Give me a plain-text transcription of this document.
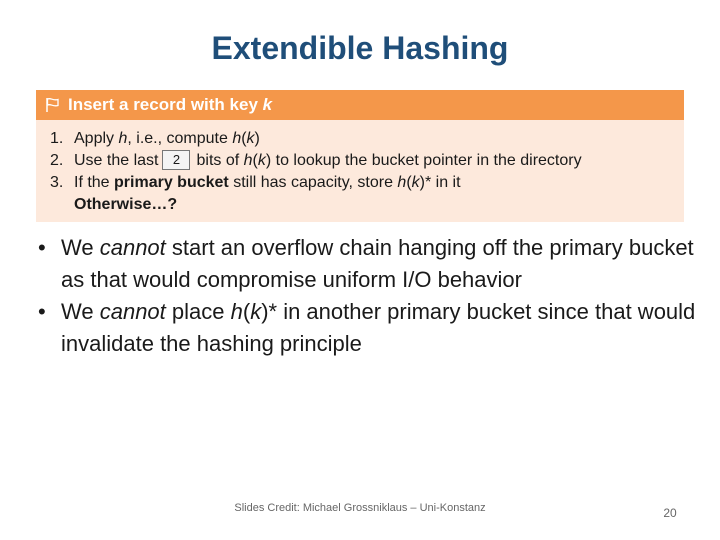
Extendible Hashing
Insert a record with key k
1. Apply h, i.e., compute h(k)
2. Use the last 2 bits of h(k) to lookup the bucket pointer in the directory
3. If the primary bucket still has capacity, store h(k)* in it
Otherwise…?
• We cannot start an overflow chain hanging off the primary bucket as that would compromise uniform I/O behavior
• We cannot place h(k)* in another primary bucket since that would invalidate the hashing principle

Slides Credit: Michael Grossniklaus – Uni-Konstanz	20
